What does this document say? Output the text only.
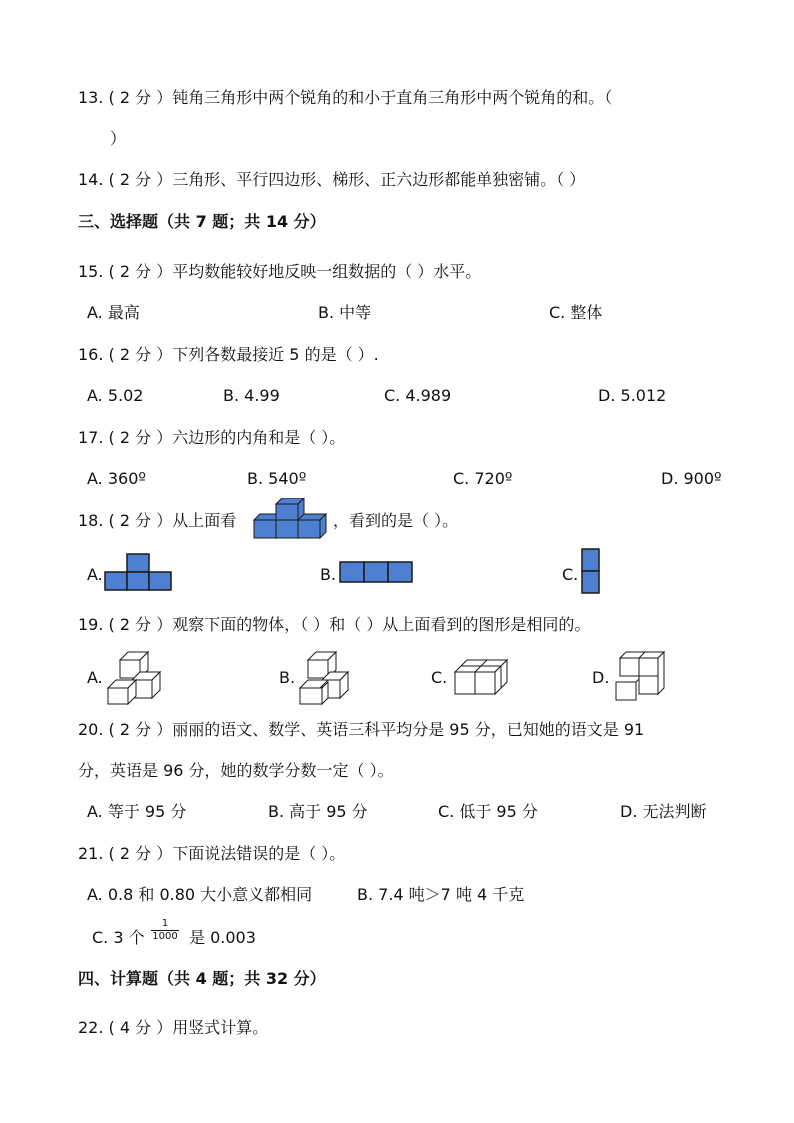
13. ( 2 分 ）钝角三角形中两个锐角的和小于直角三角形中两个锐角的和。（
）
14. ( 2 分 ）三角形、平行四边形、梯形、正六边形都能单独密铺。（ ）
三、选择题（共 7 题；共 14 分）
15. ( 2 分 ）平均数能较好地反映一组数据的（ ）水平。
A. 最高	B. 中等	C. 整体
16. ( 2 分 ）下列各数最接近 5 的是（ ）.
A. 5.02	B. 4.99	C. 4.989	D. 5.012
17. ( 2 分 ）六边形的内角和是（ ）。
A. 360º	B. 540º	C. 720º	D. 900º
18. ( 2 分 ）从上面看	，看到的是（ ）。
A.	B.	C.
19. ( 2 分 ）观察下面的物体，（ ）和（ ）从上面看到的图形是相同的。
A.	B.	C.	D.
20. ( 2 分 ）丽丽的语文、数学、英语三科平均分是 95 分，已知她的语文是 91
分，英语是 96 分，她的数学分数一定（ ）。
A. 等于 95 分	B. 高于 95 分	C. 低于 95 分	D. 无法判断
21. ( 2 分 ）下面说法错误的是（ ）。
A. 0.8 和 0.80 大小意义都相同	B. 7.4 吨＞7 吨 4 千克
C. 3 个
1
1000 是 0.003
四、计算题（共 4 题；共 32 分）
22. ( 4 分 ）用竖式计算。
